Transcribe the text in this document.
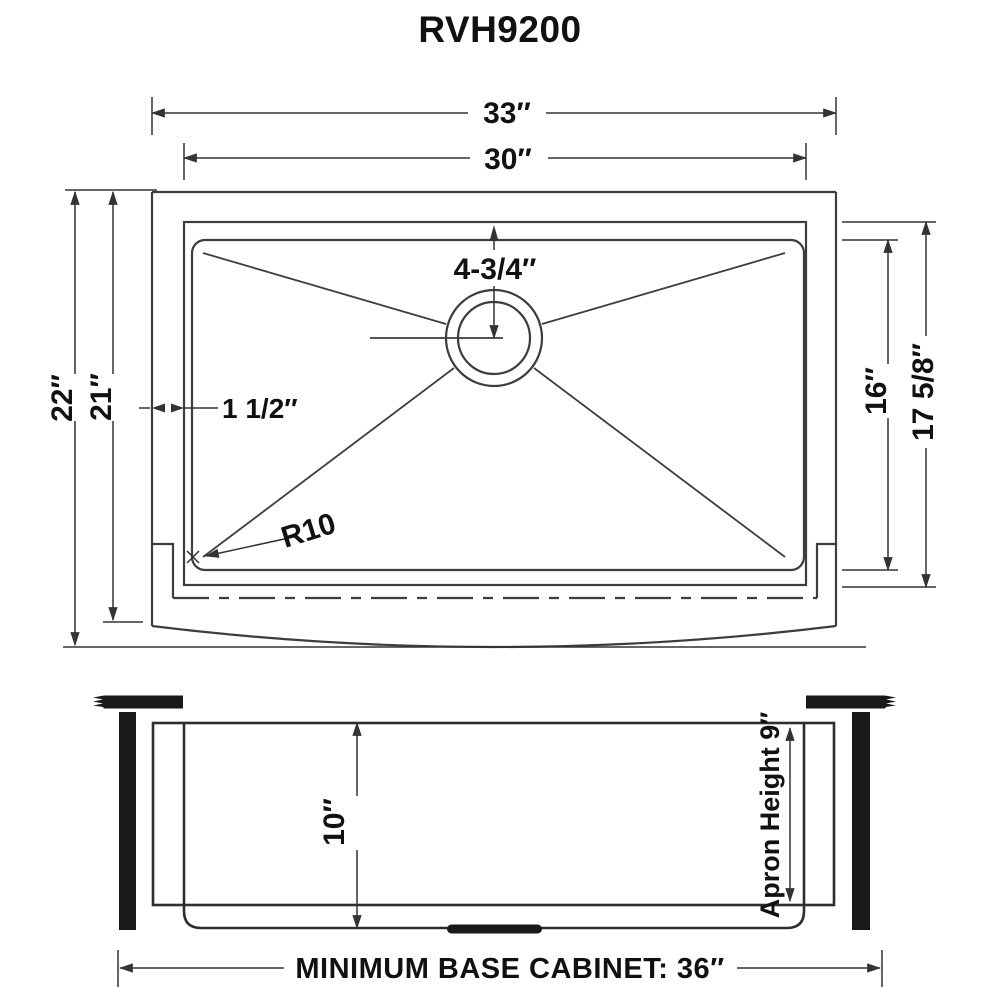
RVH9200
33″
30″
22″ 21″
4-3/4″
1 1/2″
R10
16″ 17 5/8″
10″	Apron Height 9″
MINIMUM BASE CABINET: 36″
